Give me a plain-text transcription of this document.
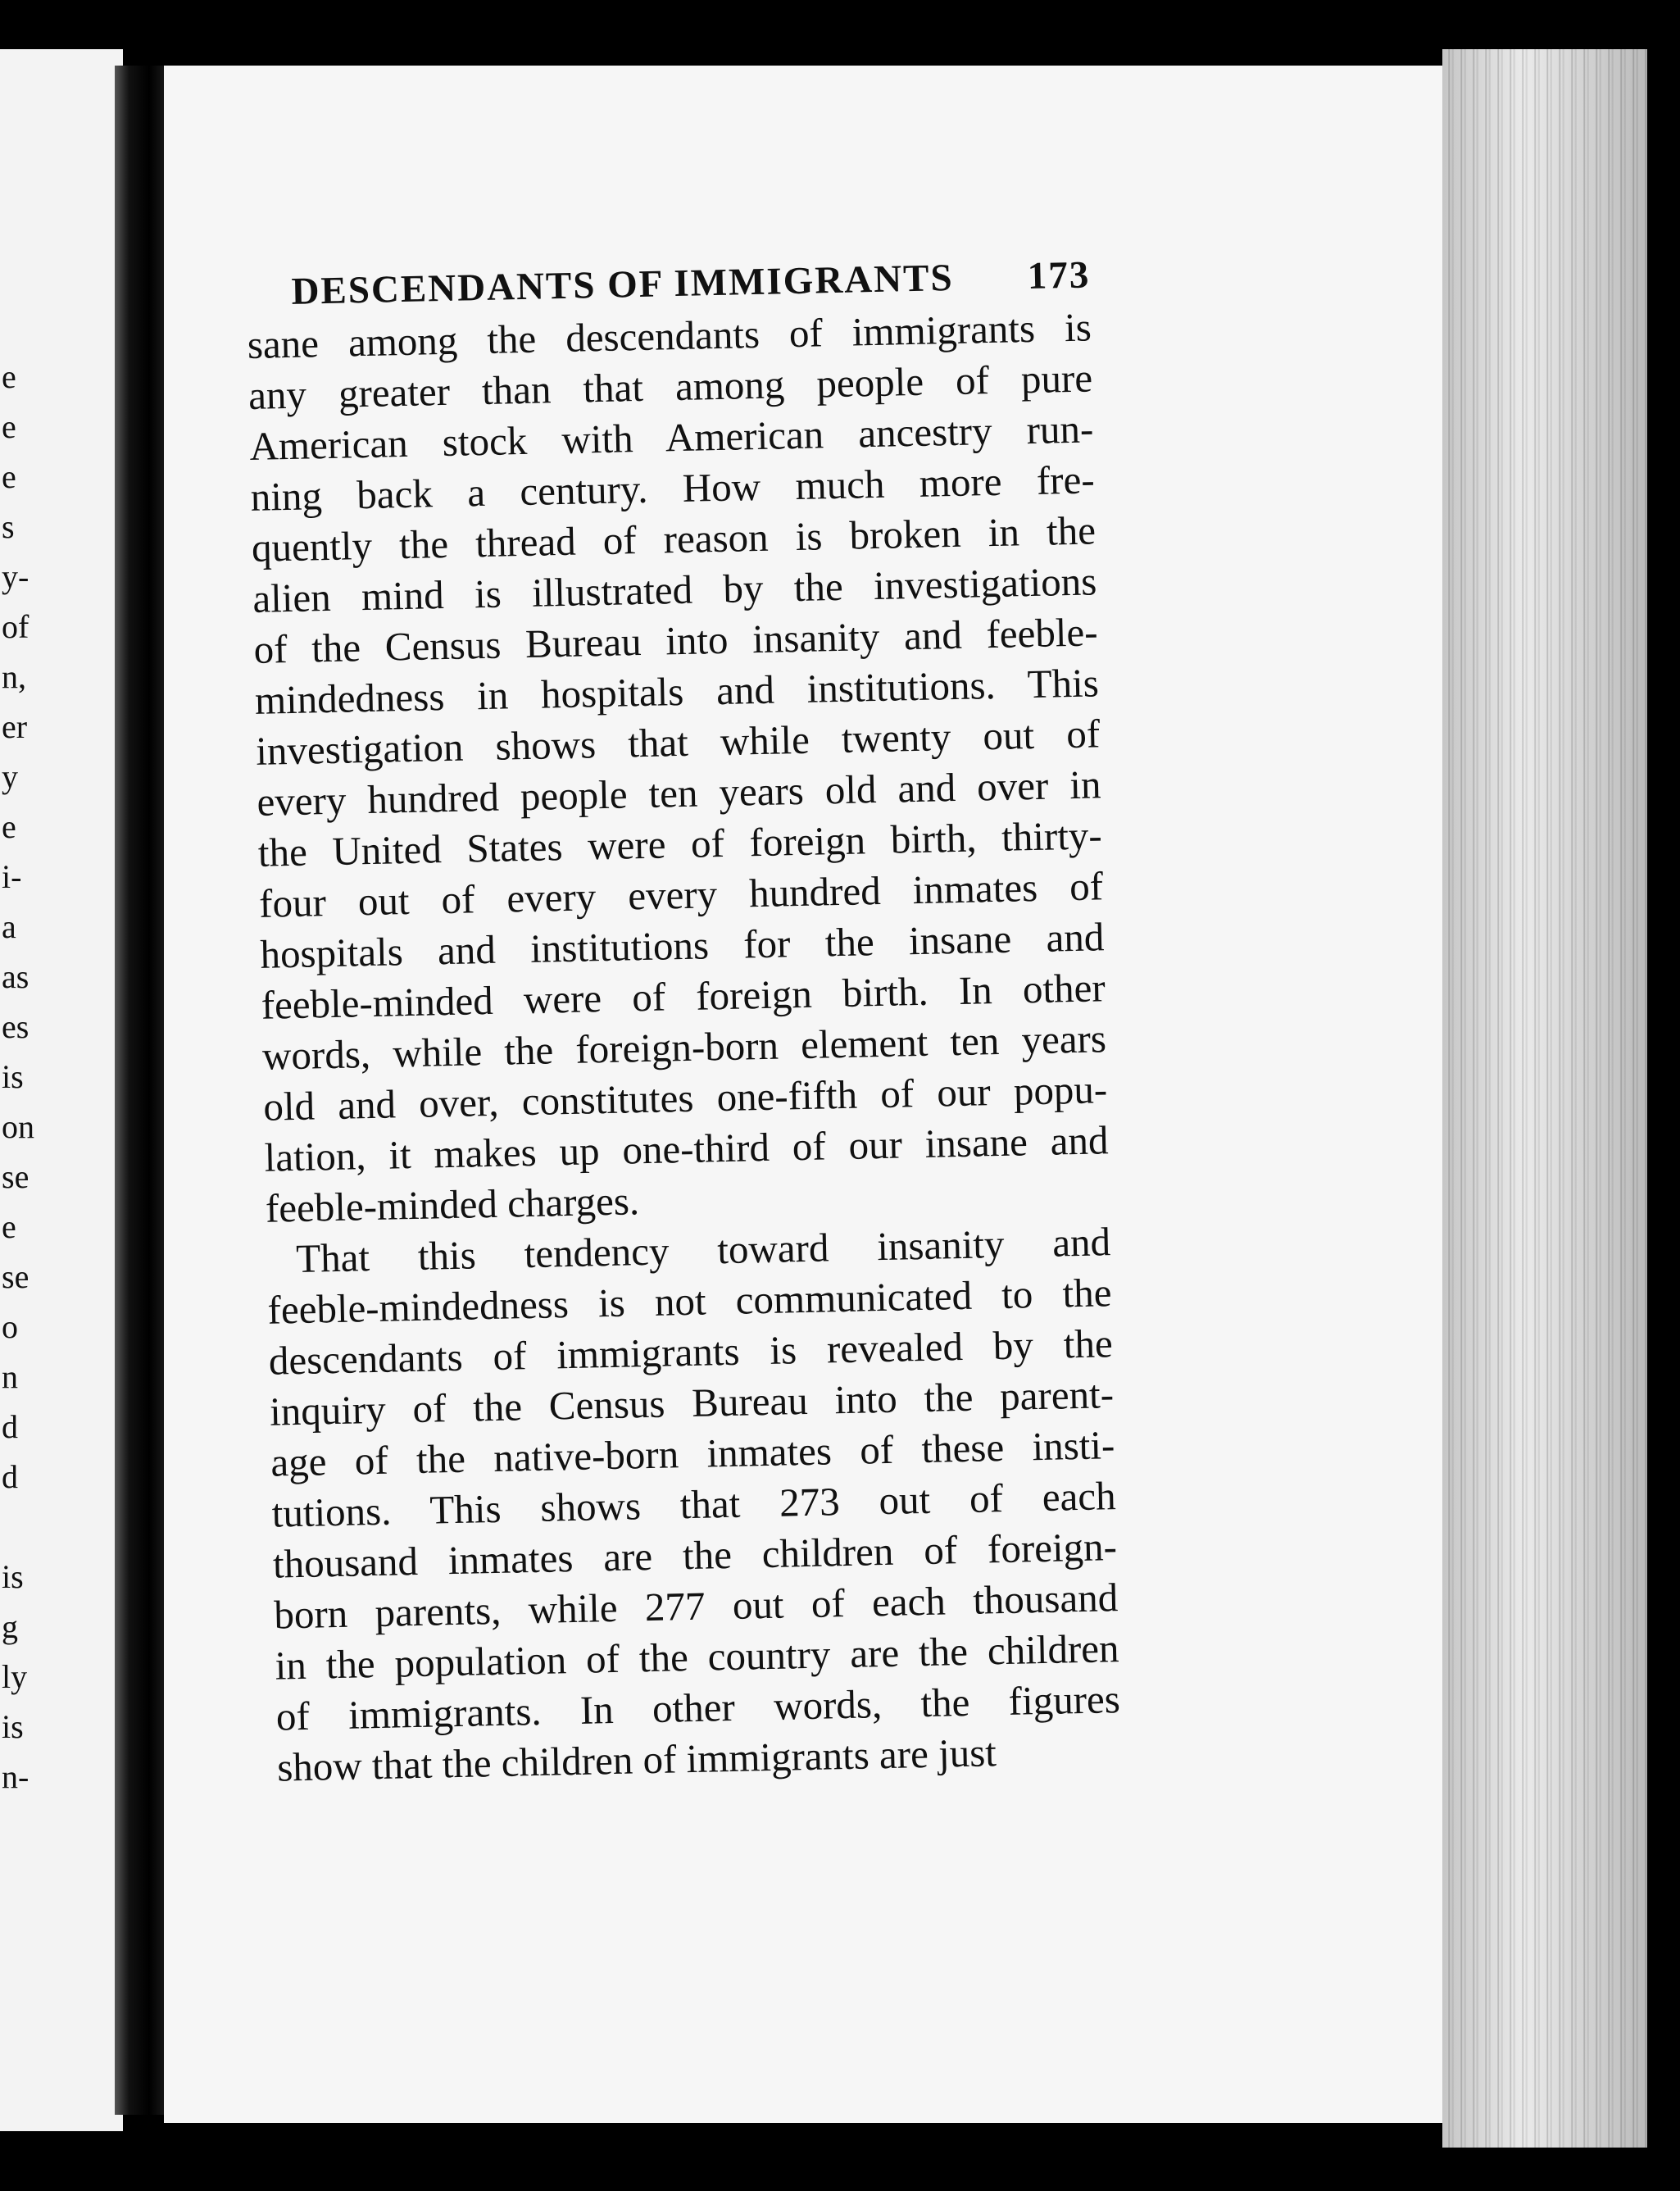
e
e
e
s
y-
of
n,
er
y
e
i-
a
as
es
is
on
se
e
se
o
n
d
d
is
g
ly
is
n-
DESCENDANTS OF IMMIGRANTS 173
sane among the descendants of immigrants is
any greater than that among people of pure
American stock with American ancestry run-
ning back a century. How much more fre-
quently the thread of reason is broken in the
alien mind is illustrated by the investigations
of the Census Bureau into insanity and feeble-
mindedness in hospitals and institutions. This
investigation shows that while twenty out of
every hundred people ten years old and over in
the United States were of foreign birth, thirty-
four out of every every hundred inmates of
hospitals and institutions for the insane and
feeble-minded were of foreign birth. In other
words, while the foreign-born element ten years
old and over, constitutes one-fifth of our popu-
lation, it makes up one-third of our insane and
feeble-minded charges.
That this tendency toward insanity and
feeble-mindedness is not communicated to the
descendants of immigrants is revealed by the
inquiry of the Census Bureau into the parent-
age of the native-born inmates of these insti-
tutions. This shows that 273 out of each
thousand inmates are the children of foreign-
born parents, while 277 out of each thousand
in the population of the country are the children
of immigrants. In other words, the figures
show that the children of immigrants are just
